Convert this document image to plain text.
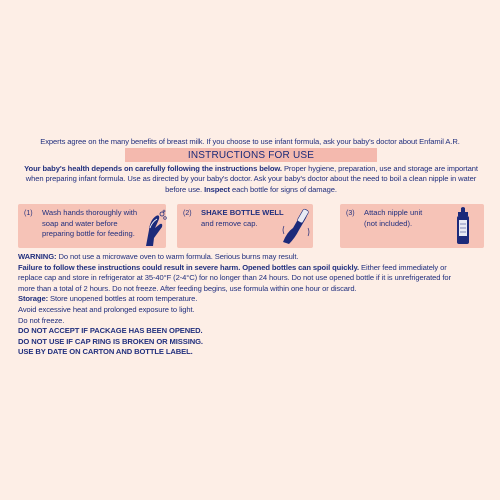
Experts agree on the many benefits of breast milk. If you choose to use infant formula, ask your baby's doctor about Enfamil A.R.
INSTRUCTIONS FOR USE
Your baby's health depends on carefully following the instructions below. Proper hygiene, preparation, use and storage are important when preparing infant formula. Use as directed by your baby's doctor. Ask your baby's doctor about the need to boil a clean nipple in water before use. Inspect each bottle for signs of damage.
(1) Wash hands thoroughly with
soap and water before
preparing bottle for feeding.
(2) SHAKE BOTTLE WELL
and remove cap.
(3) Attach nipple unit
(not included).
WARNING: Do not use a microwave oven to warm formula. Serious burns may result.
Failure to follow these instructions could result in severe harm. Opened bottles can spoil quickly. Either feed immediately or
replace cap and store in refrigerator at 35-40°F (2-4°C) for no longer than 24 hours. Do not use opened bottle if it is unrefrigerated for
more than a total of 2 hours. Do not freeze. After feeding begins, use formula within one hour or discard.
Storage: Store unopened bottles at room temperature.
Avoid excessive heat and prolonged exposure to light.
Do not freeze.
DO NOT ACCEPT IF PACKAGE HAS BEEN OPENED.
DO NOT USE IF CAP RING IS BROKEN OR MISSING.
USE BY DATE ON CARTON AND BOTTLE LABEL.
